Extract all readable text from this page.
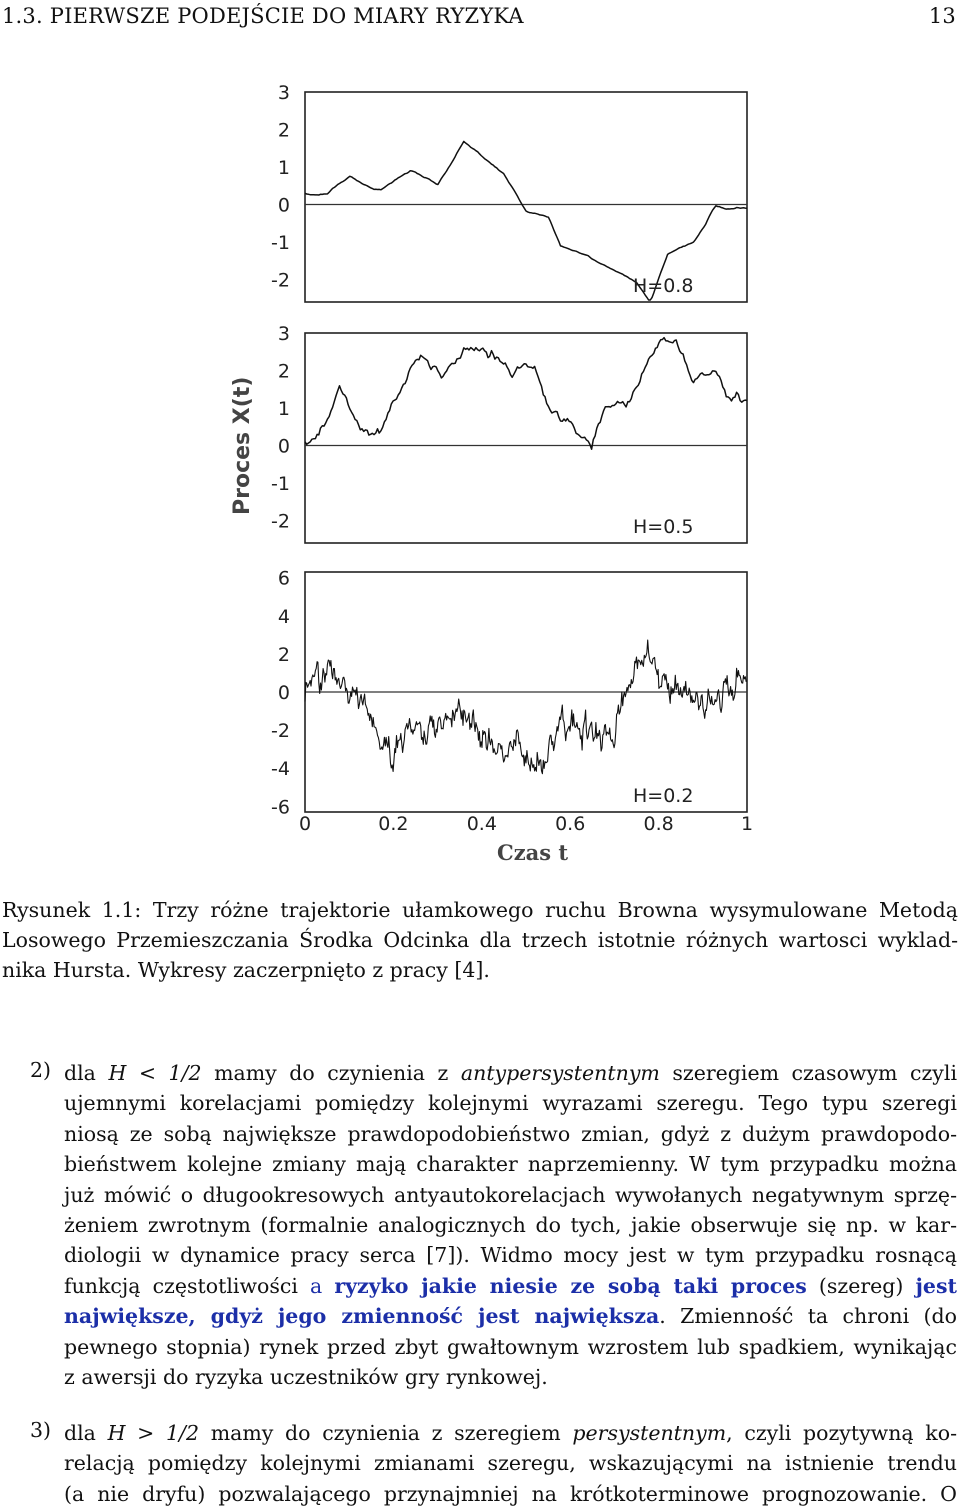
1.3. PIERWSZE PODEJŚCIE DO MIARY RYZYKA	13
3
2
1
0
-1
-2	H=0.8
3
2
1
0
-1
-2	H=0.5
6
4
2
0
-2
-4
-6
H=0.2
0	0.2	0.4	0.6	0.8	1
Proces X(t)
Czas t
Rysunek 1.1: Trzy różne trajektorie ułamkowego ruchu Browna wysymulowane Metodą
Losowego Przemieszczania Środka Odcinka dla trzech istotnie różnych wartosci wyklad-
nika Hursta. Wykresy zaczerpnięto z pracy [4].
2) dla H < 1/2 mamy do czynienia z antypersystentnym szeregiem czasowym czyli
ujemnymi korelacjami pomiędzy kolejnymi wyrazami szeregu. Tego typu szeregi
niosą ze sobą największe prawdopodobieństwo zmian, gdyż z dużym prawdopodo-
bieństwem kolejne zmiany mają charakter naprzemienny. W tym przypadku można
już mówić o długookresowych antyautokorelacjach wywołanych negatywnym sprzę-
żeniem zwrotnym (formalnie analogicznych do tych, jakie obserwuje się np. w kar-
diologii w dynamice pracy serca [7]). Widmo mocy jest w tym przypadku rosnącą
funkcją częstotliwości a ryzyko jakie niesie ze sobą taki proces (szereg) jest
największe, gdyż jego zmienność jest największa. Zmienność ta chroni (do
pewnego stopnia) rynek przed zbyt gwałtownym wzrostem lub spadkiem, wynikając
z awersji do ryzyka uczestników gry rynkowej.
3) dla H > 1/2 mamy do czynienia z szeregiem persystentnym, czyli pozytywną ko-
relacją pomiędzy kolejnymi zmianami szeregu, wskazującymi na istnienie trendu
(a nie dryfu) pozwalającego przynajmniej na krótkoterminowe prognozowanie. O
